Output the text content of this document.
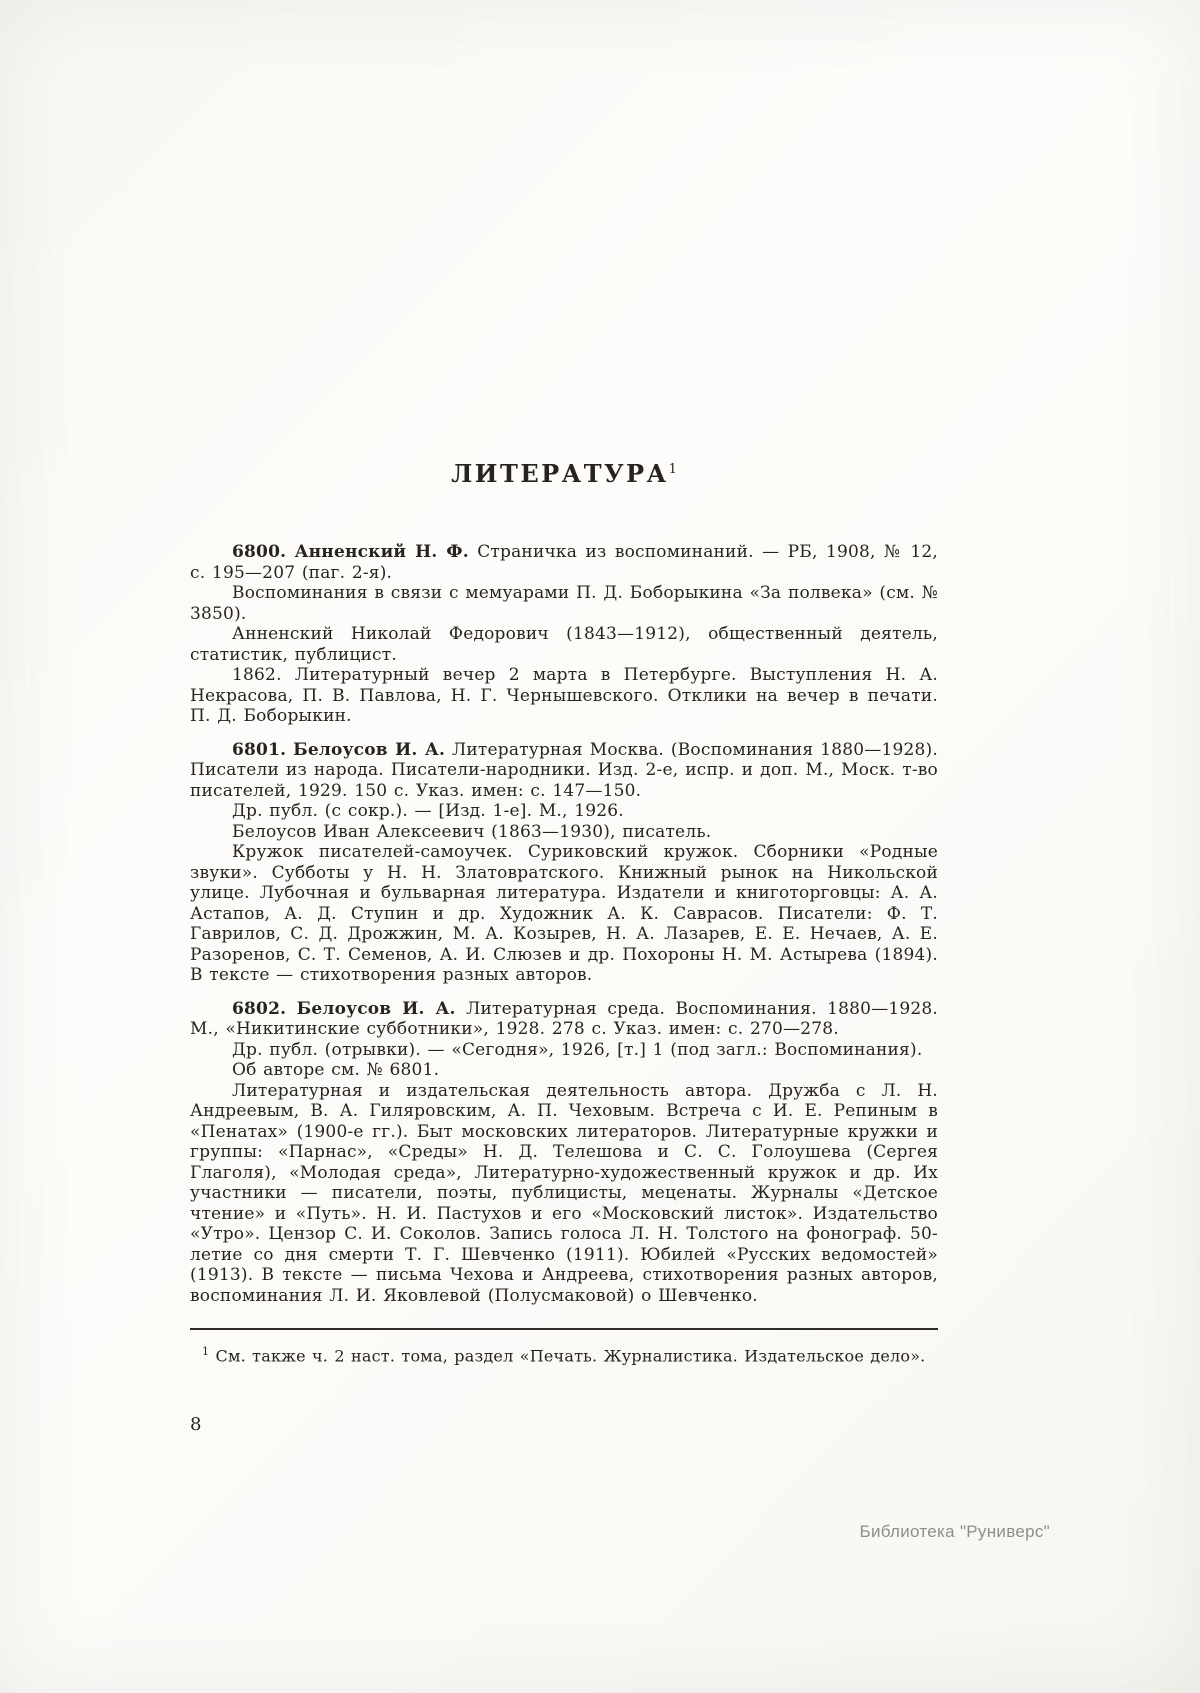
ЛИТЕРАТУРА$^1$

6800. Анненский Н. Ф. Страничка из воспоминаний. — РБ, 1908, № 12, с. 195—207 (паг. 2-я).

Воспоминания в связи с мемуарами П. Д. Боборыкина «За полвека» (см. № 3850).

Анненский Николай Федорович (1843—1912), общественный деятель, статистик, публицист.

1862. Литературный вечер 2 марта в Петербурге. Выступления Н. А. Некрасова, П. В. Павлова, Н. Г. Чернышевского. Отклики на вечер в печати. П. Д. Боборыкин.

6801. Белоусов И. А. Литературная Москва. (Воспоминания 1880—1928). Писатели из народа. Писатели-народники. Изд. 2-е, испр. и доп. М., Моск. т-во писателей, 1929. 150 с. Указ. имен: с. 147—150.

Др. публ. (с сокр.). — [Изд. 1-е]. М., 1926.

Белоусов Иван Алексеевич (1863—1930), писатель.

Кружок писателей-самоучек. Суриковский кружок. Сборники «Родные звуки». Субботы у Н. Н. Златовратского. Книжный рынок на Никольской улице. Лубочная и бульварная литература. Издатели и книготорговцы: А. А. Астапов, А. Д. Ступин и др. Художник А. К. Саврасов. Писатели: Ф. Т. Гаврилов, С. Д. Дрожжин, М. А. Козырев, Н. А. Лазарев, Е. Е. Нечаев, А. Е. Разоренов, С. Т. Семенов, А. И. Слюзев и др. Похороны Н. М. Астырева (1894). В тексте — стихотворения разных авторов.

6802. Белоусов И. А. Литературная среда. Воспоминания. 1880—1928. М., «Никитинские субботники», 1928. 278 с. Указ. имен: с. 270—278.

Др. публ. (отрывки). — «Сегодня», 1926, [т.] 1 (под загл.: Воспоминания).

Об авторе см. № 6801.

Литературная и издательская деятельность автора. Дружба с Л. Н. Андреевым, В. А. Гиляровским, А. П. Чеховым. Встреча с И. Е. Репиным в «Пенатах» (1900-е гг.). Быт московских литераторов. Литературные кружки и группы: «Парнас», «Среды» Н. Д. Телешова и С. С. Голоушева (Сергея Глаголя), «Молодая среда», Литературно-художественный кружок и др. Их участники — писатели, поэты, публицисты, меценаты. Журналы «Детское чтение» и «Путь». Н. И. Пастухов и его «Московский листок». Издательство «Утро». Цензор С. И. Соколов. Запись голоса Л. Н. Толстого на фонограф. 50-летие со дня смерти Т. Г. Шевченко (1911). Юбилей «Русских ведомостей» (1913). В тексте — письма Чехова и Андреева, стихотворения разных авторов, воспоминания Л. И. Яковлевой (Полусмаковой) о Шевченко.

$^1$ См. также ч. 2 наст. тома, раздел «Печать. Журналистика. Издательское дело».

8
Библиотека "Руниверс"
